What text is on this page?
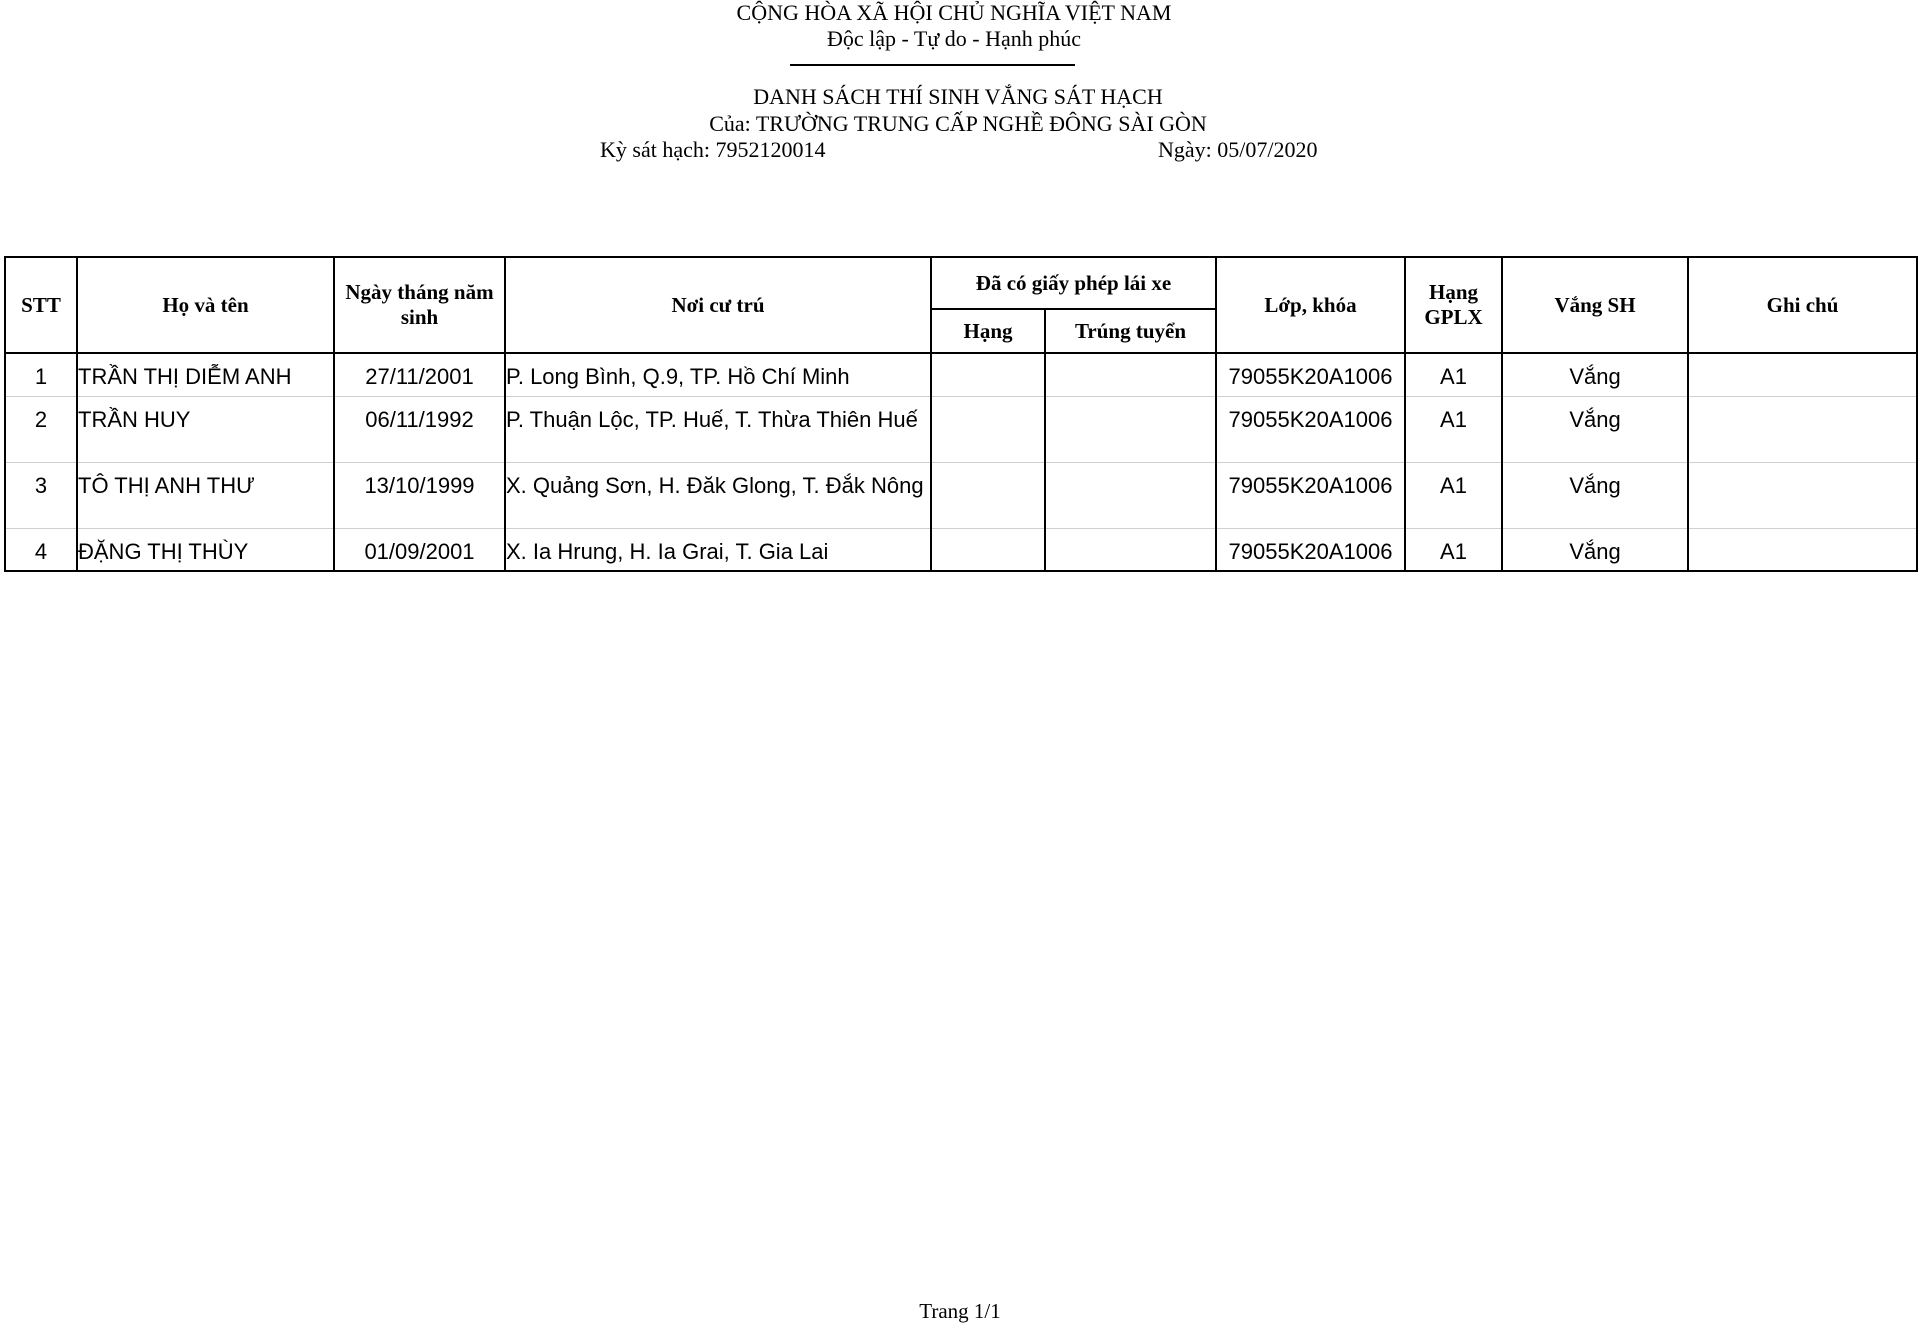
CỘNG HÒA XÃ HỘI CHỦ NGHĨA VIỆT NAM
Độc lập - Tự do - Hạnh phúc
DANH SÁCH THÍ SINH VẮNG SÁT HẠCH
Của: TRƯỜNG TRUNG CẤP NGHỀ ĐÔNG SÀI GÒN
Kỳ sát hạch: 7952120014	Ngày: 05/07/2020
STT	Họ và tên	Ngày tháng năm sinh	Nơi cư trú	Đã có giấy phép lái xe		Lớp, khóa	Hạng GPLX	Vắng SH	Ghi chú
				Hạng	Trúng tuyển				
1	TRẦN THỊ DIỄM ANH	27/11/2001	P. Long Bình, Q.9, TP. Hồ Chí Minh			79055K20A1006	A1	Vắng	
2	TRẦN HUY	06/11/1992	P. Thuận Lộc, TP. Huế, T. Thừa Thiên Huế			79055K20A1006	A1	Vắng	
3	TÔ THỊ ANH THƯ	13/10/1999	X. Quảng Sơn, H. Đăk Glong, T. Đắk Nông			79055K20A1006	A1	Vắng	
4	ĐẶNG THỊ THÙY	01/09/2001	X. Ia Hrung, H. Ia Grai, T. Gia Lai			79055K20A1006	A1	Vắng	
Trang 1/1
